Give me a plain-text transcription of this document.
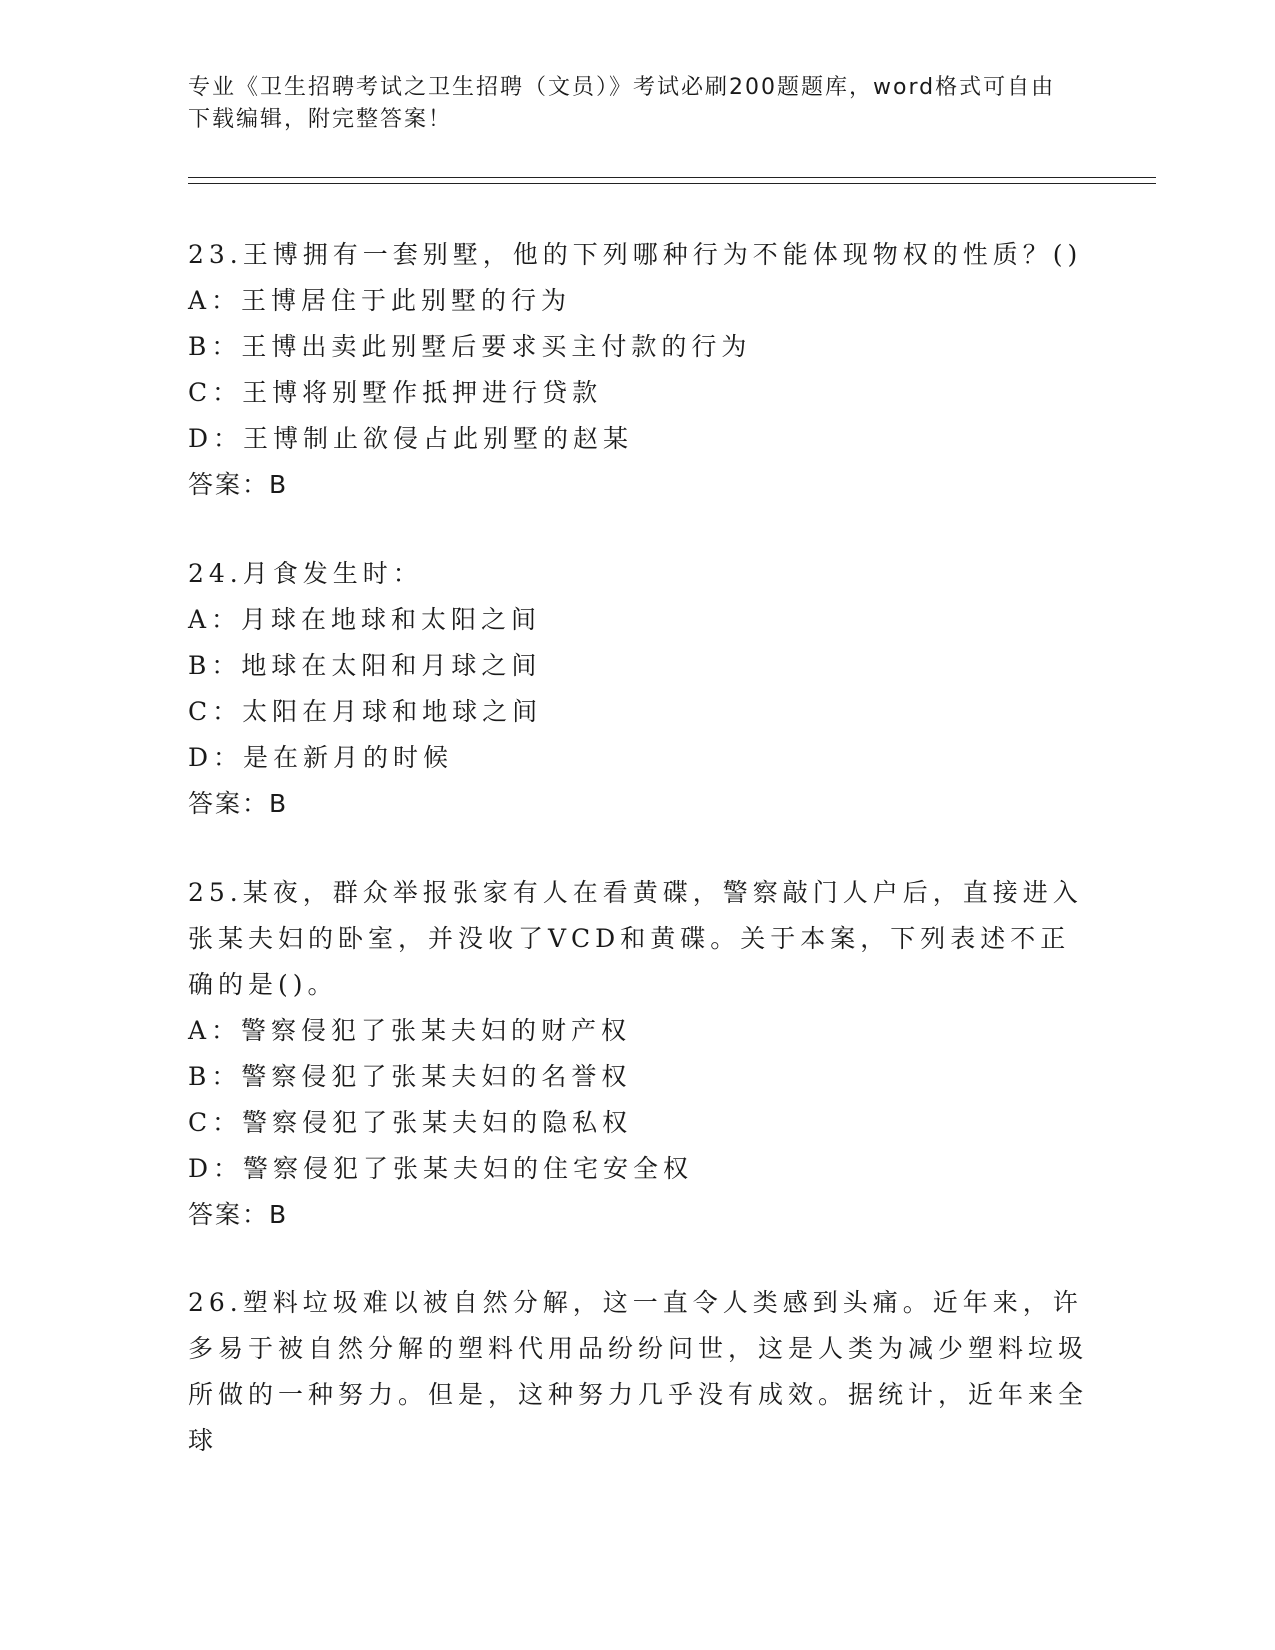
专业《卫生招聘考试之卫生招聘（文员）》考试必刷200题题库，word格式可自由下载编辑，附完整答案！
23.王博拥有一套别墅，他的下列哪种行为不能体现物权的性质？()
A：王博居住于此别墅的行为
B：王博出卖此别墅后要求买主付款的行为
C：王博将别墅作抵押进行贷款
D：王博制止欲侵占此别墅的赵某
答案：B
24.月食发生时：
A：月球在地球和太阳之间
B：地球在太阳和月球之间
C：太阳在月球和地球之间
D：是在新月的时候
答案：B
25.某夜，群众举报张家有人在看黄碟，警察敲门人户后，直接进入张某夫妇的卧室，并没收了VCD和黄碟。关于本案，下列表述不正确的是()。
A：警察侵犯了张某夫妇的财产权
B：警察侵犯了张某夫妇的名誉权
C：警察侵犯了张某夫妇的隐私权
D：警察侵犯了张某夫妇的住宅安全权
答案：B
26.塑料垃圾难以被自然分解，这一直令人类感到头痛。近年来，许多易于被自然分解的塑料代用品纷纷问世，这是人类为减少塑料垃圾所做的一种努力。但是，这种努力几乎没有成效。据统计，近年来全球
